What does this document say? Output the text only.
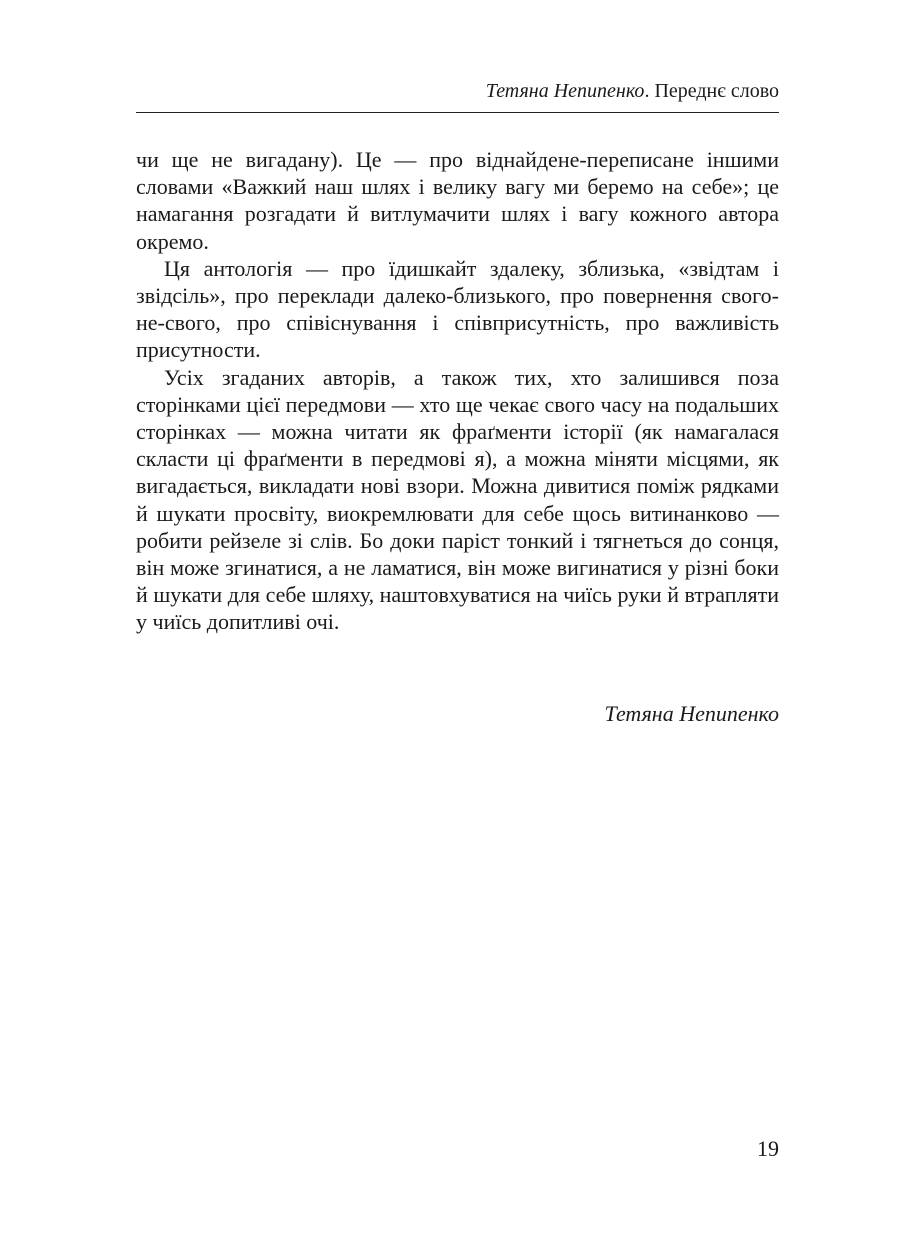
Тетяна Непипенко. Переднє слово

чи ще не вигадану). Це — про віднайдене-переписане іншими словами «Важкий наш шлях і велику вагу ми беремо на себе»; це намагання розгадати й витлумачити шлях і вагу кожного автора окремо.

Ця антологія — про їдишкайт здалеку, зблизька, «звідтам і звідсіль», про переклади далеко-близького, про повернення свого-не-свого, про співіснування і співприсутність, про важливість присутности.

Усіх згаданих авторів, а також тих, хто залишився поза сторінками цієї передмови — хто ще чекає свого часу на подальших сторінках — можна читати як фраґменти історії (як намагалася скласти ці фраґменти в передмові я), а можна міняти місцями, як вигадається, викладати нові взори. Можна дивитися поміж рядками й шукати просвіту, виокремлювати для себе щось витинанково — робити рейзеле зі слів. Бо доки паріст тонкий і тягнеться до сонця, він може згинатися, а не ламатися, він може вигинатися у різні боки й шукати для себе шляху, наштовхуватися на чиїсь руки й втрапляти у чиїсь допитливі очі.

Тетяна Непипенко
19
